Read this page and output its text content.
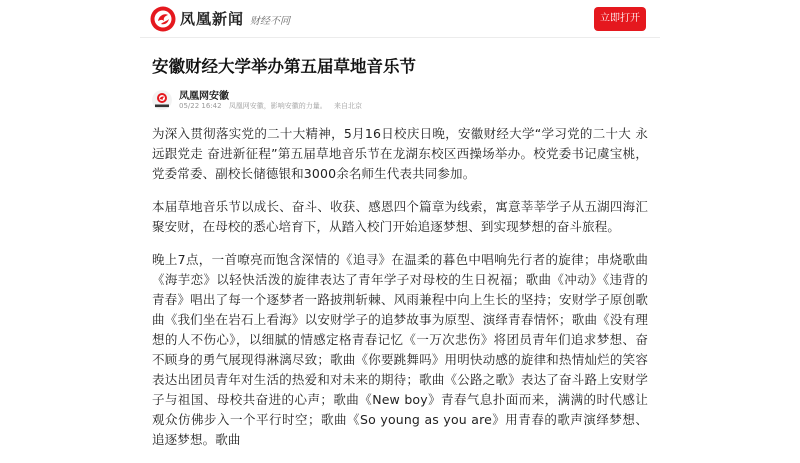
凤凰新闻 财经不同	立即打开
安徽财经大学举办第五届草地音乐节
凤凰网安徽
05/22 16:42 凤凰网安徽，影响安徽的力量。 来自北京

为深入贯彻落实党的二十大精神，5月16日校庆日晚，安徽财经大学“学习党的二十大 永远跟党走 奋进新征程”第五届草地音乐节在龙湖东校区西操场举办。校党委书记虞宝桃，党委常委、副校长储德银和3000余名师生代表共同参加。

本届草地音乐节以成长、奋斗、收获、感恩四个篇章为线索，寓意莘莘学子从五湖四海汇聚安财，在母校的悉心培育下，从踏入校门开始追逐梦想、到实现梦想的奋斗旅程。

晚上7点，一首嘹亮而饱含深情的《追寻》在温柔的暮色中唱响先行者的旋律；串烧歌曲《海芋恋》以轻快活泼的旋律表达了青年学子对母校的生日祝福；歌曲《冲动》《违背的青春》唱出了每一个逐梦者一路披荆斩棘、风雨兼程中向上生长的坚持；安财学子原创歌曲《我们坐在岩石上看海》以安财学子的追梦故事为原型、演绎青春情怀；歌曲《没有理想的人不伤心》，以细腻的情感定格青春记忆《一万次悲伤》将团员青年们追求梦想、奋不顾身的勇气展现得淋漓尽致；歌曲《你要跳舞吗》用明快动感的旋律和热情灿烂的笑容表达出团员青年对生活的热爱和对未来的期待；歌曲《公路之歌》表达了奋斗路上安财学子与祖国、母校共奋进的心声；歌曲《New boy》青春气息扑面而来，满满的时代感让观众仿佛步入一个平行时空；歌曲《So young as you are》用青春的歌声演绎梦想、追逐梦想。歌曲
